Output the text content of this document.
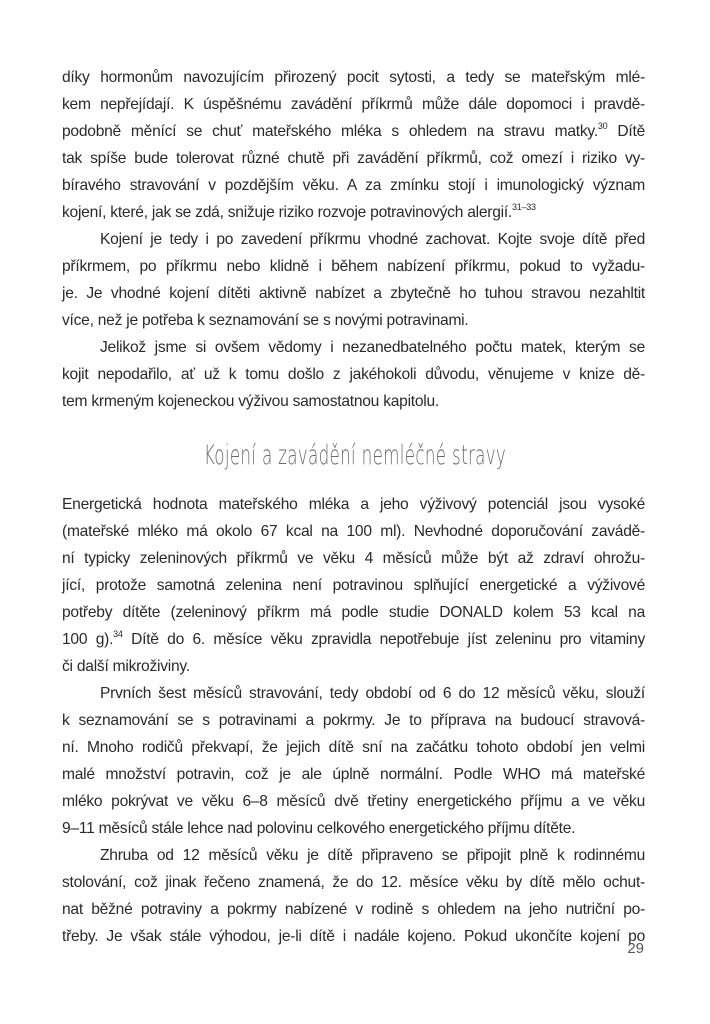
díky hormonům navozujícím přirozený pocit sytosti, a tedy se mateřským mlé-
kem nepřejídají. K úspěšnému zavádění příkrmů může dále dopomoci i pravdě-
podobně měnící se chuť mateřského mléka s ohledem na stravu matky.$^{30}$ Dítě
tak spíše bude tolerovat různé chutě při zavádění příkrmů, což omezí i riziko vy-
bíravého stravování v pozdějším věku. A za zmínku stojí i imunologický význam
kojení, které, jak se zdá, snižuje riziko rozvoje potravinových alergií.$^{31-33}$
Kojení je tedy i po zavedení příkrmu vhodné zachovat. Kojte svoje dítě před
příkrmem, po příkrmu nebo klidně i během nabízení příkrmu, pokud to vyžadu-
je. Je vhodné kojení dítěti aktivně nabízet a zbytečně ho tuhou stravou nezahltit
více, než je potřeba k seznamování se s novými potravinami.
Jelikož jsme si ovšem vědomy i nezanedbatelného počtu matek, kterým se
kojit nepodařilo, ať už k tomu došlo z jakéhokoli důvodu, věnujeme v knize dě-
tem krmeným kojeneckou výživou samostatnou kapitolu.
Kojení a zavádění nemléčné stravy
Energetická hodnota mateřského mléka a jeho výživový potenciál jsou vysoké
(mateřské mléko má okolo 67 kcal na 100 ml). Nevhodné doporučování zavádě-
ní typicky zeleninových příkrmů ve věku 4 měsíců může být až zdraví ohrožu-
jící, protože samotná zelenina není potravinou splňující energetické a výživové
potřeby dítěte (zeleninový příkrm má podle studie DONALD kolem 53 kcal na
100 g).$^{34}$ Dítě do 6. měsíce věku zpravidla nepotřebuje jíst zeleninu pro vitaminy
či další mikroživiny.
Prvních šest měsíců stravování, tedy období od 6 do 12 měsíců věku, slouží
k seznamování se s potravinami a pokrmy. Je to příprava na budoucí stravová-
ní. Mnoho rodičů překvapí, že jejich dítě sní na začátku tohoto období jen velmi
malé množství potravin, což je ale úplně normální. Podle WHO má mateřské
mléko pokrývat ve věku 6–8 měsíců dvě třetiny energetického příjmu a ve věku
9–11 měsíců stále lehce nad polovinu celkového energetického příjmu dítěte.
Zhruba od 12 měsíců věku je dítě připraveno se připojit plně k rodinnému
stolování, což jinak řečeno znamená, že do 12. měsíce věku by dítě mělo ochut-
nat běžné potraviny a pokrmy nabízené v rodině s ohledem na jeho nutriční po-
třeby. Je však stále výhodou, je-li dítě i nadále kojeno. Pokud ukončíte kojení po
29
